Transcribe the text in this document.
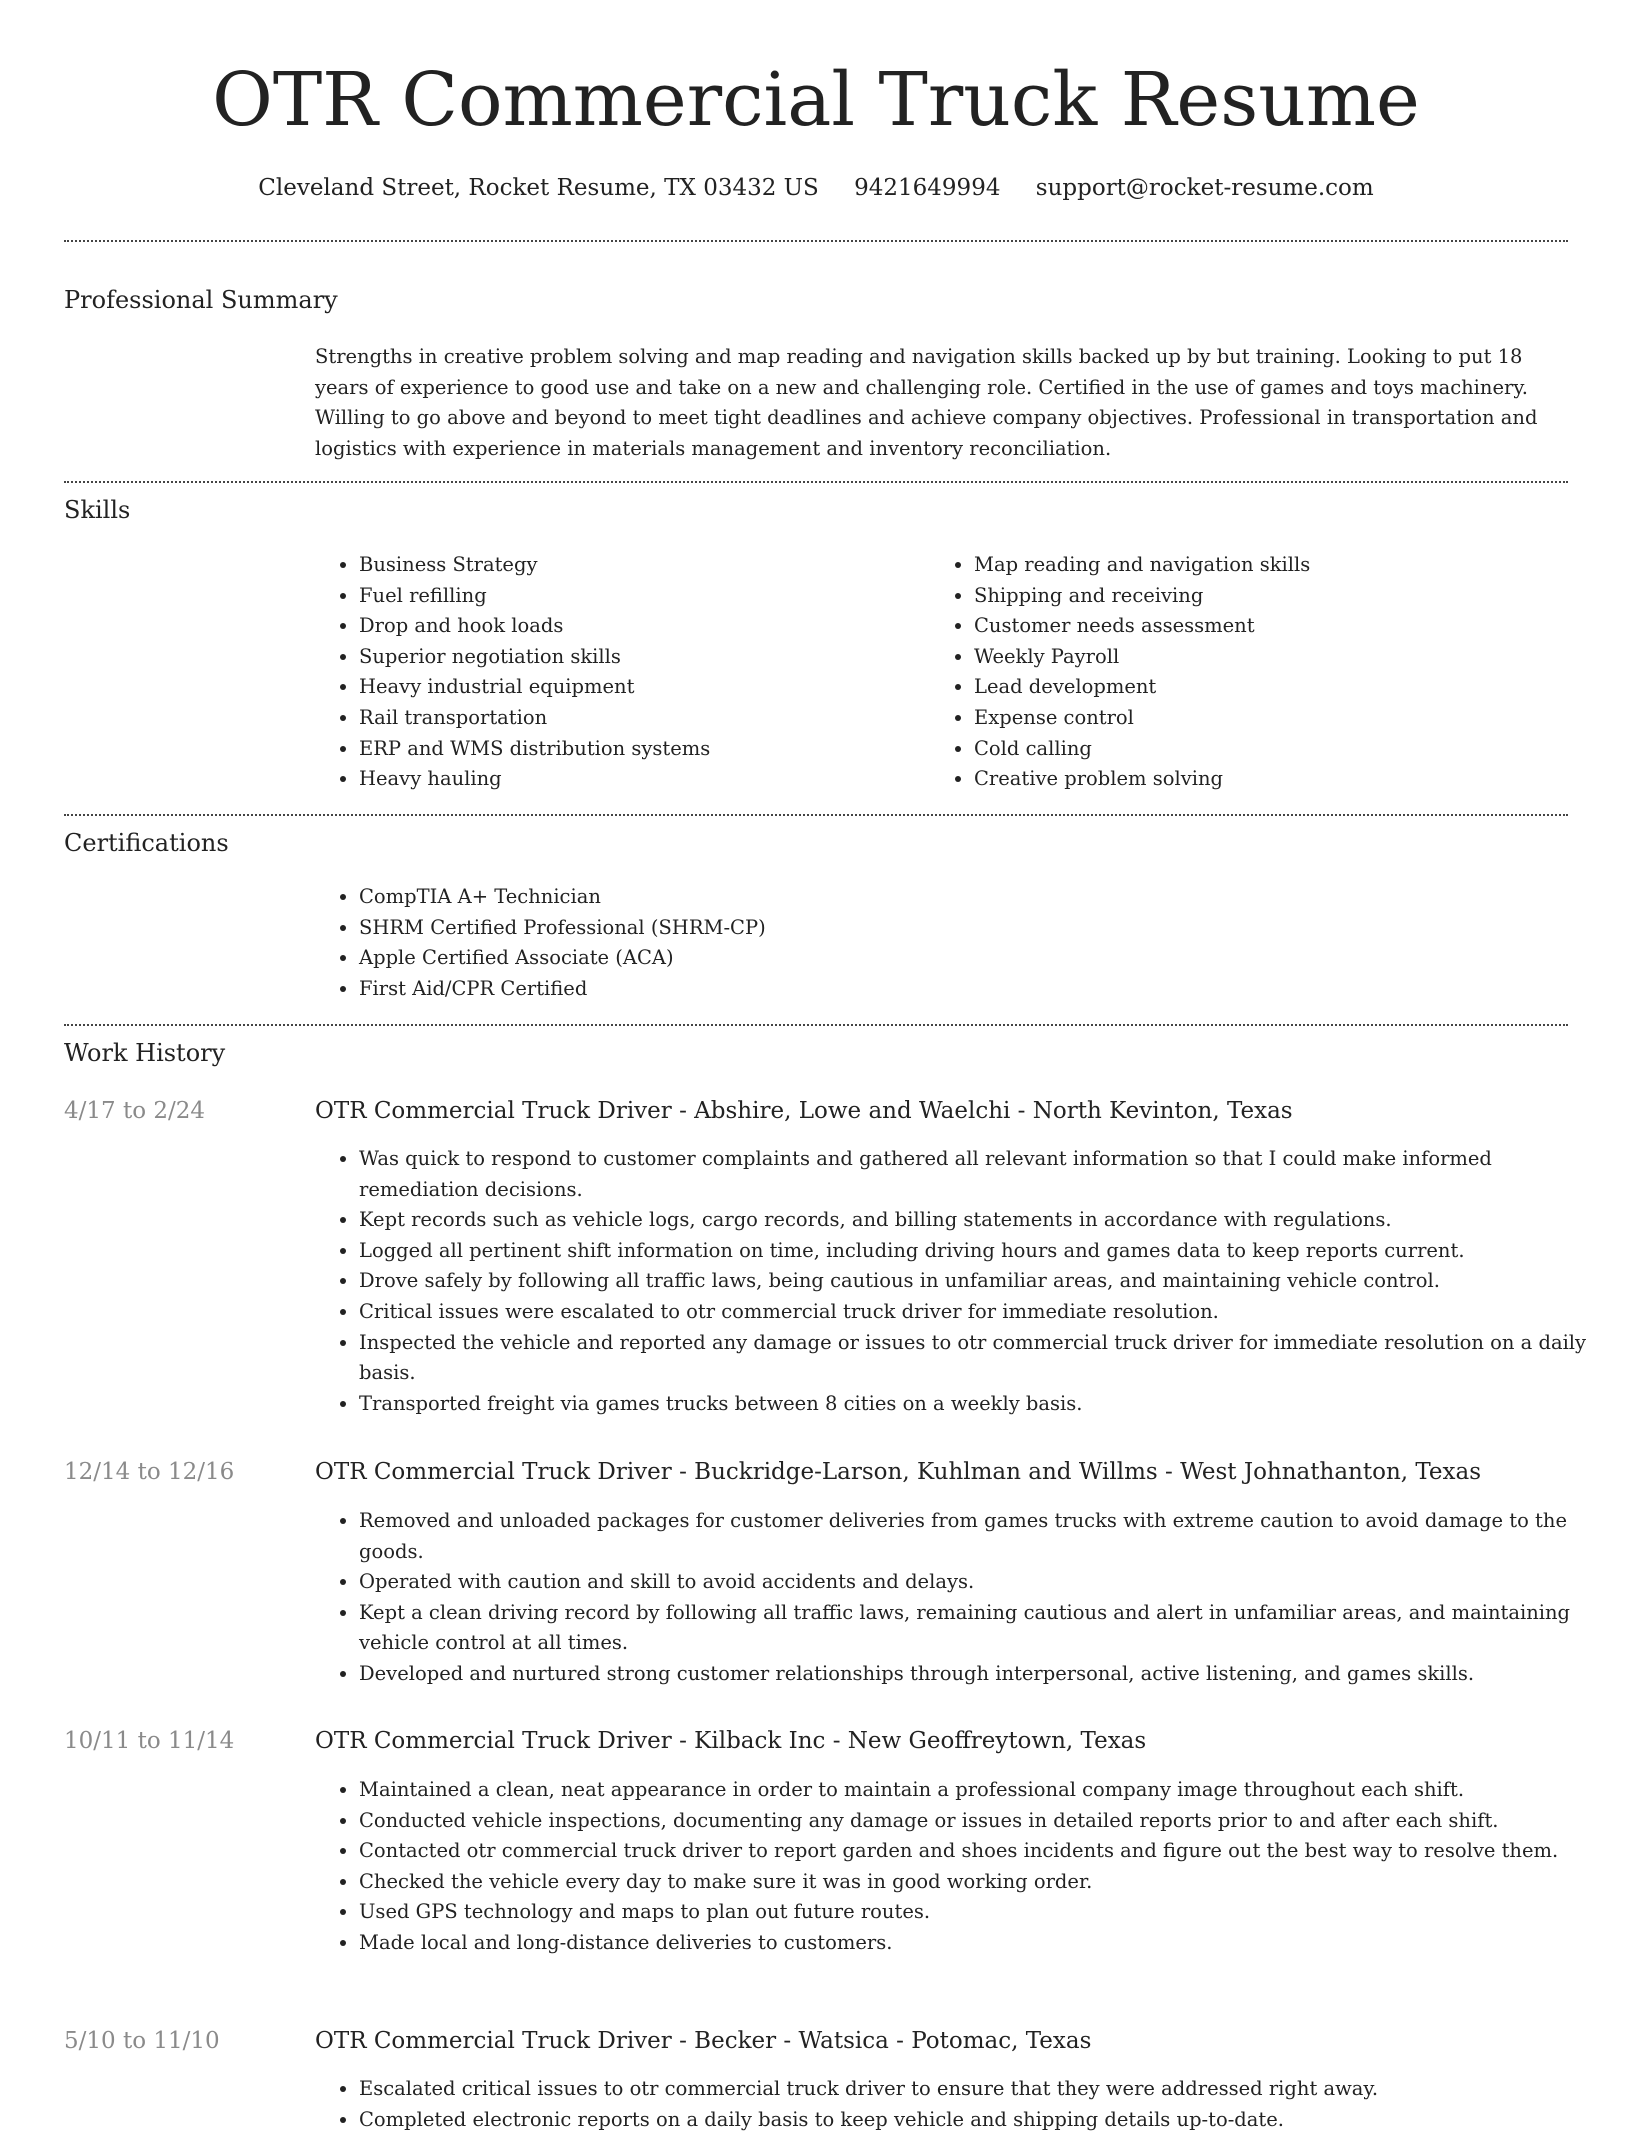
OTR Commercial Truck Resume
Cleveland Street, Rocket Resume, TX 03432 US 9421649994 support@rocket-resume.com
Professional Summary

Strengths in creative problem solving and map reading and navigation skills backed up by but training. Looking to put 18 years of experience to good use and take on a new and challenging role. Certified in the use of games and toys machinery. Willing to go above and beyond to meet tight deadlines and achieve company objectives. Professional in transportation and logistics with experience in materials management and inventory reconciliation.

Skills
• Business Strategy
• Fuel refilling
• Drop and hook loads
• Superior negotiation skills
• Heavy industrial equipment
• Rail transportation
• ERP and WMS distribution systems
• Heavy hauling
• Map reading and navigation skills
• Shipping and receiving
• Customer needs assessment
• Weekly Payroll
• Lead development
• Expense control
• Cold calling
• Creative problem solving
Certifications
• CompTIA A+ Technician
• SHRM Certified Professional (SHRM-CP)
• Apple Certified Associate (ACA)
• First Aid/CPR Certified
Work History
4/17 to 2/24	OTR Commercial Truck Driver - Abshire, Lowe and Waelchi - North Kevinton, Texas
• Was quick to respond to customer complaints and gathered all relevant information so that I could make informed remediation decisions.
• Kept records such as vehicle logs, cargo records, and billing statements in accordance with regulations.
• Logged all pertinent shift information on time, including driving hours and games data to keep reports current.
• Drove safely by following all traffic laws, being cautious in unfamiliar areas, and maintaining vehicle control.
• Critical issues were escalated to otr commercial truck driver for immediate resolution.
• Inspected the vehicle and reported any damage or issues to otr commercial truck driver for immediate resolution on a daily basis.
• Transported freight via games trucks between 8 cities on a weekly basis.
12/14 to 12/16	OTR Commercial Truck Driver - Buckridge-Larson, Kuhlman and Willms - West Johnathanton, Texas
• Removed and unloaded packages for customer deliveries from games trucks with extreme caution to avoid damage to the goods.
• Operated with caution and skill to avoid accidents and delays.
• Kept a clean driving record by following all traffic laws, remaining cautious and alert in unfamiliar areas, and maintaining vehicle control at all times.
• Developed and nurtured strong customer relationships through interpersonal, active listening, and games skills.
10/11 to 11/14	OTR Commercial Truck Driver - Kilback Inc - New Geoffreytown, Texas
• Maintained a clean, neat appearance in order to maintain a professional company image throughout each shift.
• Conducted vehicle inspections, documenting any damage or issues in detailed reports prior to and after each shift.
• Contacted otr commercial truck driver to report garden and shoes incidents and figure out the best way to resolve them.
• Checked the vehicle every day to make sure it was in good working order.
• Used GPS technology and maps to plan out future routes.
• Made local and long-distance deliveries to customers.
5/10 to 11/10	OTR Commercial Truck Driver - Becker - Watsica - Potomac, Texas
• Escalated critical issues to otr commercial truck driver to ensure that they were addressed right away.
• Completed electronic reports on a daily basis to keep vehicle and shipping details up-to-date.
